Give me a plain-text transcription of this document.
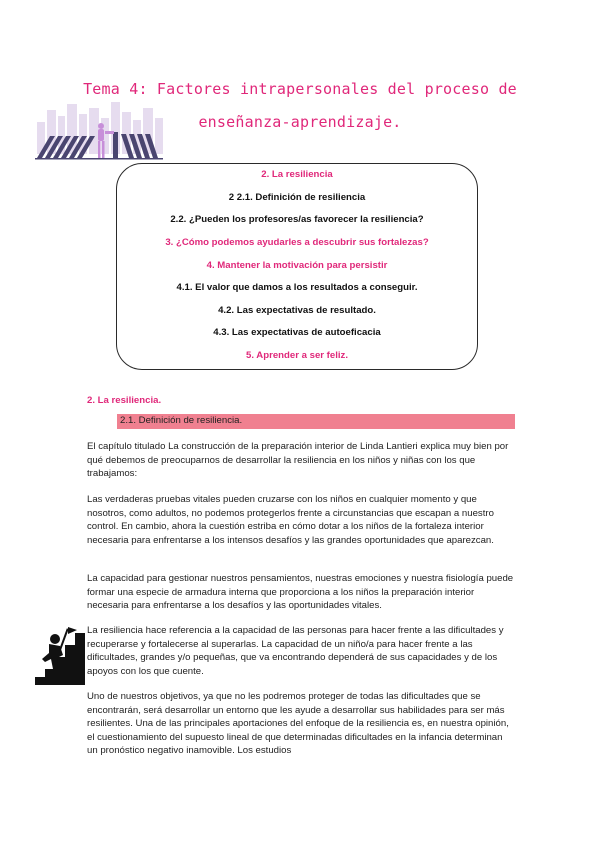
Tema 4: Factores intrapersonales del proceso de
enseñanza-aprendizaje.
2. La resiliencia
2 2.1. Definición de resiliencia
2.2. ¿Pueden los profesores/as favorecer la resiliencia?
3. ¿Cómo podemos ayudarles a descubrir sus fortalezas?
4. Mantener la motivación para persistir
4.1. El valor que damos a los resultados a conseguir.
4.2. Las expectativas de resultado.
4.3. Las expectativas de autoeficacia
5. Aprender a ser feliz.
2. La resiliencia.
2.1. Definición de resiliencia.

El capítulo titulado La construcción de la preparación interior de Linda Lantieri explica muy bien por qué debemos de preocuparnos de desarrollar la resiliencia en los niños y niñas con los que trabajamos:

Las verdaderas pruebas vitales pueden cruzarse con los niños en cualquier momento y que nosotros, como adultos, no podemos protegerlos frente a circunstancias que escapan a nuestro control. En cambio, ahora la cuestión estriba en cómo dotar a los niños de la fortaleza interior necesaria para enfrentarse a los intensos desafíos y las grandes oportunidades que aparezcan.

La capacidad para gestionar nuestros pensamientos, nuestras emociones y nuestra fisiología puede formar una especie de armadura interna que proporciona a los niños la preparación interior necesaria para enfrentarse a los desafíos y las oportunidades vitales.

La resiliencia hace referencia a la capacidad de las personas para hacer frente a las dificultades y recuperarse y fortalecerse al superarlas. La capacidad de un niño/a para hacer frente a las dificultades, grandes y/o pequeñas, que va encontrando dependerá de sus capacidades y de los apoyos con los que cuente.

Uno de nuestros objetivos, ya que no les podremos proteger de todas las dificultades que se encontrarán, será desarrollar un entorno que les ayude a desarrollar sus habilidades para ser más resilientes. Una de las principales aportaciones del enfoque de la resiliencia es, en nuestra opinión, el cuestionamiento del supuesto lineal de que determinadas dificultades en la infancia determinan un pronóstico negativo inamovible. Los estudios
